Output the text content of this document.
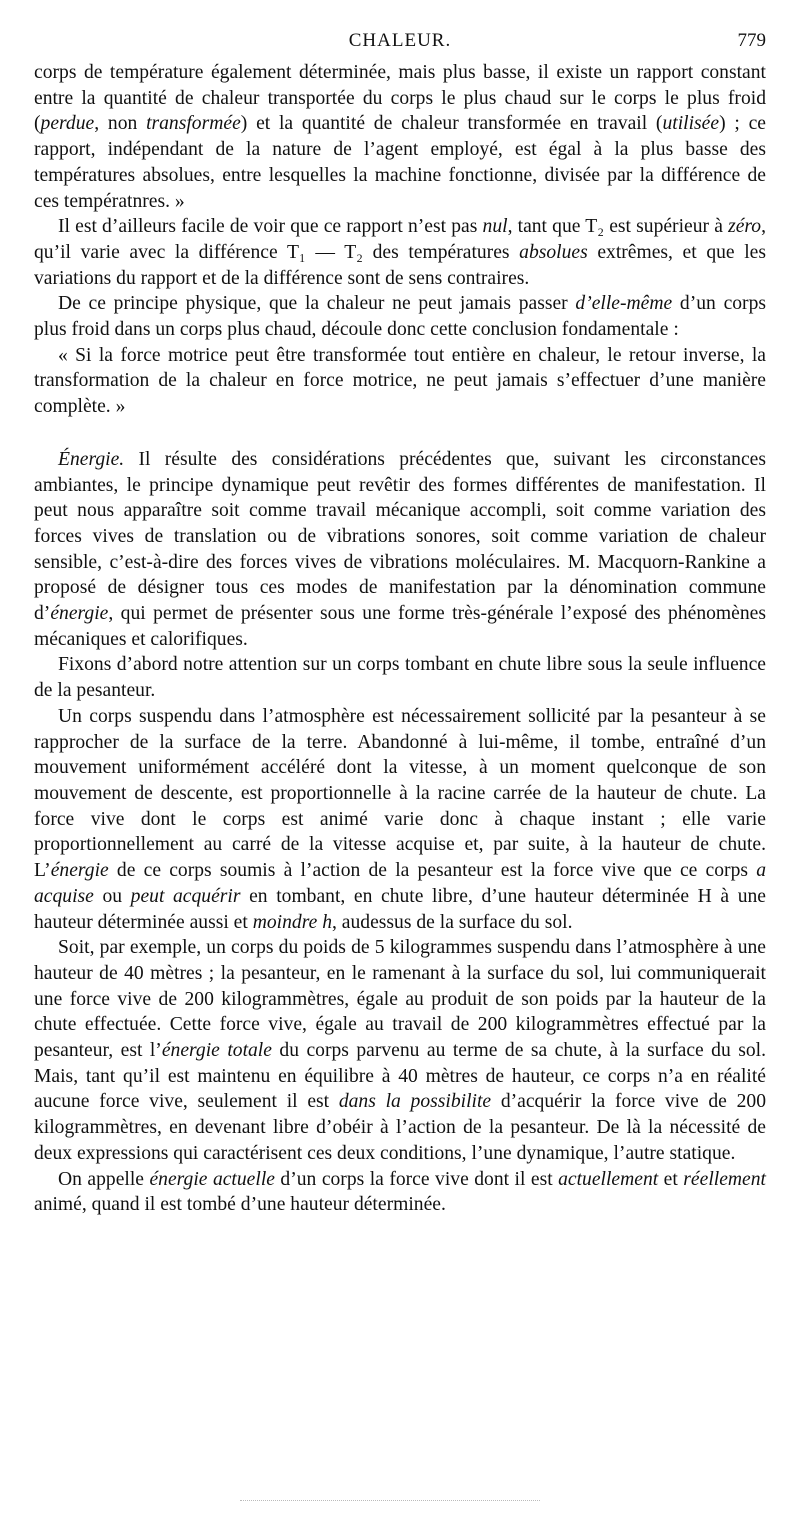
CHALEUR.	779

corps de température également déterminée, mais plus basse, il existe un rapport constant entre la quantité de chaleur transportée du corps le plus chaud sur le corps le plus froid (perdue, non transformée) et la quantité de chaleur transformée en travail (utilisée) ; ce rapport, indépendant de la nature de l’agent employé, est égal à la plus basse des températures absolues, entre lesquelles la machine fonctionne, divisée par la différence de ces températnres. »

Il est d’ailleurs facile de voir que ce rapport n’est pas nul, tant que T₂ est supérieur à zéro, qu’il varie avec la différence T₁ — T₂ des températures absolues extrêmes, et que les variations du rapport et de la différence sont de sens contraires.

De ce principe physique, que la chaleur ne peut jamais passer d’elle-même d’un corps plus froid dans un corps plus chaud, découle donc cette conclusion fondamentale :

« Si la force motrice peut être transformée tout entière en chaleur, le retour inverse, la transformation de la chaleur en force motrice, ne peut jamais s’effectuer d’une manière complète. »

Énergie. Il résulte des considérations précédentes que, suivant les circonstances ambiantes, le principe dynamique peut revêtir des formes différentes de manifestation. Il peut nous apparaître soit comme travail mécanique accompli, soit comme variation des forces vives de translation ou de vibrations sonores, soit comme variation de chaleur sensible, c’est-à-dire des forces vives de vibrations moléculaires. M. Macquorn-Rankine a proposé de désigner tous ces modes de manifestation par la dénomination commune d’énergie, qui permet de présenter sous une forme très-générale l’exposé des phénomènes mécaniques et calorifiques.

Fixons d’abord notre attention sur un corps tombant en chute libre sous la seule influence de la pesanteur.

Un corps suspendu dans l’atmosphère est nécessairement sollicité par la pesanteur à se rapprocher de la surface de la terre. Abandonné à lui-même, il tombe, entraîné d’un mouvement uniformément accéléré dont la vitesse, à un moment quelconque de son mouvement de descente, est proportionnelle à la racine carrée de la hauteur de chute. La force vive dont le corps est animé varie donc à chaque instant ; elle varie proportionnellement au carré de la vitesse acquise et, par suite, à la hauteur de chute. L’énergie de ce corps soumis à l’action de la pesanteur est la force vive que ce corps a acquise ou peut acquérir en tombant, en chute libre, d’une hauteur déterminée H à une hauteur déterminée aussi et moindre h, audessus de la surface du sol.

Soit, par exemple, un corps du poids de 5 kilogrammes suspendu dans l’atmosphère à une hauteur de 40 mètres ; la pesanteur, en le ramenant à la surface du sol, lui communiquerait une force vive de 200 kilogrammètres, égale au produit de son poids par la hauteur de la chute effectuée. Cette force vive, égale au travail de 200 kilogrammètres effectué par la pesanteur, est l’énergie totale du corps parvenu au terme de sa chute, à la surface du sol. Mais, tant qu’il est maintenu en équilibre à 40 mètres de hauteur, ce corps n’a en réalité aucune force vive, seulement il est dans la possibilite d’acquérir la force vive de 200 kilogrammètres, en devenant libre d’obéir à l’action de la pesanteur. De là la nécessité de deux expressions qui caractérisent ces deux conditions, l’une dynamique, l’autre statique.

On appelle énergie actuelle d’un corps la force vive dont il est actuellement et réellement animé, quand il est tombé d’une hauteur déterminée.
